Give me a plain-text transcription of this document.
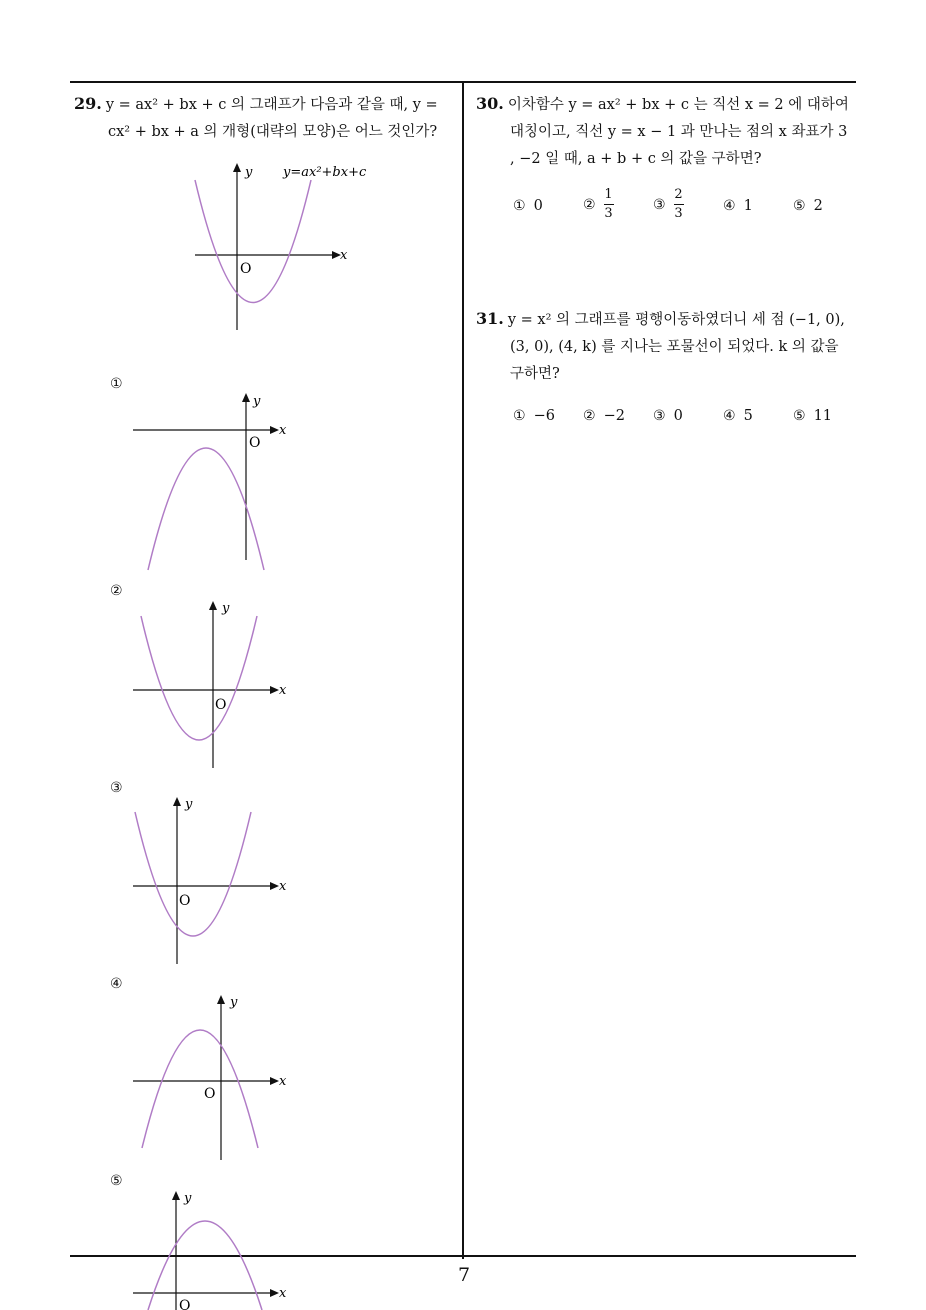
7
29. y = ax² + bx + c 의 그래프가 다음과 같을 때, y =
cx² + bx + a 의 개형(대략의 모양)은 어느 것인가?
y y=ax²+bx+c
x
O
①
y
x
O
②
y
x
O
③
y
x
O
④
y
x
O
⑤
y
x
O
30. 이차함수 y = ax² + bx + c 는 직선 x = 2 에 대하여
대칭이고, 직선 y = x − 1 과 만나는 점의 x 좌표가 3
, −2 일 때, a + b + c 의 값을 구하면?
① 0	② $\frac{1}{3}$	③ $\frac{2}{3}$	④ 1	⑤ 2
31. y = x² 의 그래프를 평행이동하였더니 세 점 (−1, 0),
(3, 0), (4, k) 를 지나는 포물선이 되었다. k 의 값을
구하면?
① −6 ② −2 ③ 0	④ 5	⑤ 11
